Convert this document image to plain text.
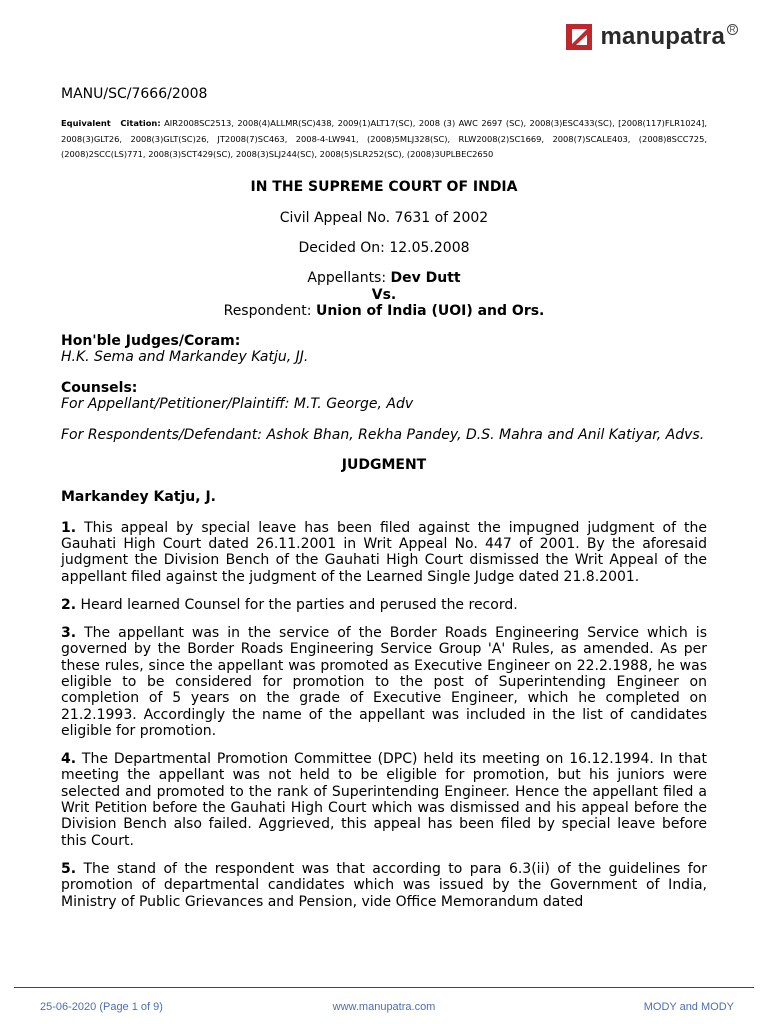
manupatra R

MANU/SC/7666/2008

Equivalent Citation: AIR2008SC2513, 2008(4)ALLMR(SC)438, 2009(1)ALT17(SC), 2008 (3) AWC 2697 (SC), 2008(3)ESC433(SC), [2008(117)FLR1024], 2008(3)GLT26, 2008(3)GLT(SC)26, JT2008(7)SC463, 2008-4-LW941, (2008)5MLJ328(SC), RLW2008(2)SC1669, 2008(7)SCALE403, (2008)8SCC725, (2008)2SCC(LS)771, 2008(3)SCT429(SC), 2008(3)SLJ244(SC), 2008(5)SLR252(SC), (2008)3UPLBEC2650

IN THE SUPREME COURT OF INDIA

Civil Appeal No. 7631 of 2002

Decided On: 12.05.2008

Appellants: Dev Dutt
Vs.
Respondent: Union of India (UOI) and Ors.
Hon'ble Judges/Coram:
H.K. Sema and Markandey Katju, JJ.
Counsels:
For Appellant/Petitioner/Plaintiff: M.T. George, Adv
For Respondents/Defendant: Ashok Bhan, Rekha Pandey, D.S. Mahra and Anil Katiyar, Advs.

JUDGMENT

Markandey Katju, J.

1. This appeal by special leave has been filed against the impugned judgment of the Gauhati High Court dated 26.11.2001 in Writ Appeal No. 447 of 2001. By the aforesaid judgment the Division Bench of the Gauhati High Court dismissed the Writ Appeal of the appellant filed against the judgment of the Learned Single Judge dated 21.8.2001.

2. Heard learned Counsel for the parties and perused the record.

3. The appellant was in the service of the Border Roads Engineering Service which is governed by the Border Roads Engineering Service Group 'A' Rules, as amended. As per these rules, since the appellant was promoted as Executive Engineer on 22.2.1988, he was eligible to be considered for promotion to the post of Superintending Engineer on completion of 5 years on the grade of Executive Engineer, which he completed on 21.2.1993. Accordingly the name of the appellant was included in the list of candidates eligible for promotion.

4. The Departmental Promotion Committee (DPC) held its meeting on 16.12.1994. In that meeting the appellant was not held to be eligible for promotion, but his juniors were selected and promoted to the rank of Superintending Engineer. Hence the appellant filed a Writ Petition before the Gauhati High Court which was dismissed and his appeal before the Division Bench also failed. Aggrieved, this appeal has been filed by special leave before this Court.

5. The stand of the respondent was that according to para 6.3(ii) of the guidelines for promotion of departmental candidates which was issued by the Government of India, Ministry of Public Grievances and Pension, vide Office Memorandum dated

25-06-2020 (Page 1 of 9)	www.manupatra.com	MODY and MODY
